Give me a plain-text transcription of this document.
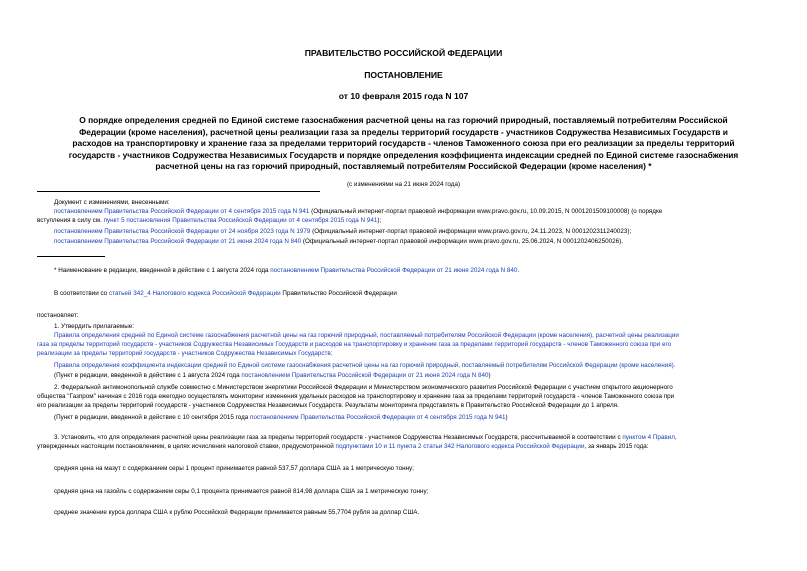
ПРАВИТЕЛЬСТВО РОССИЙСКОЙ ФЕДЕРАЦИИ
ПОСТАНОВЛЕНИЕ
от 10 февраля 2015 года N 107
О порядке определения средней по Единой системе газоснабжения расчетной цены на газ горючий природный, поставляемый потребителям Российской
Федерации (кроме населения), расчетной цены реализации газа за пределы территорий государств - участников Содружества Независимых Государств и
расходов на транспортировку и хранение газа за пределами территорий государств - членов Таможенного союза при его реализации за пределы территорий
государств - участников Содружества Независимых Государств и порядке определения коэффициента индексации средней по Единой системе газоснабжения
расчетной цены на газ горючий природный, поставляемый потребителям Российской Федерации (кроме населения) *
(с изменениями на 21 июня 2024 года)
Документ с изменениями, внесенными:
постановлением Правительства Российской Федерации от 4 сентября 2015 года N 941 (Официальный интернет-портал правовой информации www.pravo.gov.ru, 10.09.2015, N 0001201509100008) (о порядке
вступления в силу см. пункт 5 постановления Правительства Российской Федерации от 4 сентября 2015 года N 941);
постановлением Правительства Российской Федерации от 24 ноября 2023 года N 1979 (Официальный интернет-портал правовой информации www.pravo.gov.ru, 24.11.2023, N 0001202311240023);
постановлением Правительства Российской Федерации от 21 июня 2024 года N 840 (Официальный интернет-портал правовой информации www.pravo.gov.ru, 25.06.2024, N 0001202406250026).
* Наименование в редакции, введенной в действие с 1 августа 2024 года постановлением Правительства Российской Федерации от 21 июня 2024 года N 840.
В соответствии со статьей 342_4 Налогового кодекса Российской Федерации Правительство Российской Федерации
постановляет:
1. Утвердить прилагаемые:
Правила определения средней по Единой системе газоснабжения расчетной цены на газ горючий природный, поставляемый потребителям Российской Федерации (кроме населения), расчетной цены реализации
газа за пределы территорий государств - участников Содружества Независимых Государств и расходов на транспортировку и хранение газа за пределами территорий государств - членов Таможенного союза при его
реализации за пределы территорий государств - участников Содружества Независимых Государств;
Правила определения коэффициента индексации средней по Единой системе газоснабжения расчетной цены на газ горючий природный, поставляемый потребителям Российской Федерации (кроме населения).
(Пункт в редакции, введенной в действие с 1 августа 2024 года постановлением Правительства Российской Федерации от 21 июня 2024 года N 840)
2. Федеральной антимонопольной службе совместно с Министерством энергетики Российской Федерации и Министерством экономического развития Российской Федерации с участием открытого акционерного
общества "Газпром" начиная с 2016 года ежегодно осуществлять мониторинг изменения удельных расходов на транспортировку и хранение газа за пределами территорий государств - членов Таможенного союза при
его реализации за пределы территорий государств - участников Содружества Независимых Государств. Результаты мониторинга представлять в Правительство Российской Федерации до 1 апреля.
(Пункт в редакции, введенной в действие с 10 сентября 2015 года постановлением Правительства Российской Федерации от 4 сентября 2015 года N 941)
3. Установить, что для определения расчетной цены реализации газа за пределы территорий государств - участников Содружества Независимых Государств, рассчитываемой в соответствии с пунктом 4 Правил,
утвержденных настоящим постановлением, в целях исчисления налоговой ставки, предусмотренной подпунктами 10 и 11 пункта 2 статьи 342 Налогового кодекса Российской Федерации, за январь 2015 года:
средняя цена на мазут с содержанием серы 1 процент принимается равной 537,57 доллара США за 1 метрическую тонну;
средняя цена на газойль с содержанием серы 0,1 процента принимается равной 814,98 доллара США за 1 метрическую тонну;
среднее значение курса доллара США к рублю Российской Федерации принимается равным 55,7704 рубля за доллар США.
